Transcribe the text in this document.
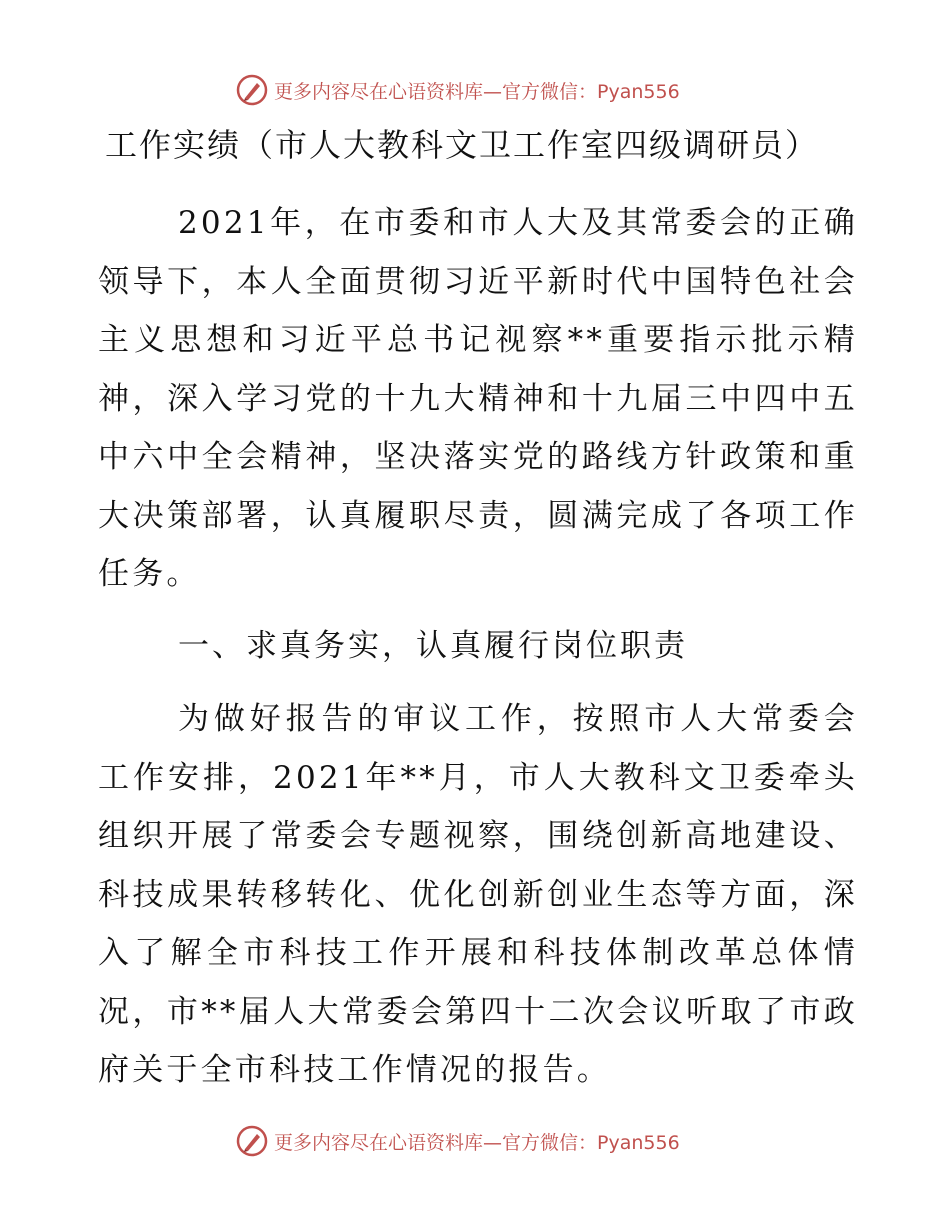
更多内容尽在心语资料库—官方微信：Pyan556
工作实绩（市人大教科文卫工作室四级调研员）

2021年，在市委和市人大及其常委会的正确领导下，本人全面贯彻习近平新时代中国特色社会主义思想和习近平总书记视察**重要指示批示精神，深入学习党的十九大精神和十九届三中四中五中六中全会精神，坚决落实党的路线方针政策和重大决策部署，认真履职尽责，圆满完成了各项工作任务。

一、求真务实，认真履行岗位职责

为做好报告的审议工作，按照市人大常委会工作安排，2021年**月，市人大教科文卫委牵头组织开展了常委会专题视察，围绕创新高地建设、科技成果转移转化、优化创新创业生态等方面，深入了解全市科技工作开展和科技体制改革总体情况，市**届人大常委会第四十二次会议听取了市政府关于全市科技工作情况的报告。

更多内容尽在心语资料库—官方微信：Pyan556
